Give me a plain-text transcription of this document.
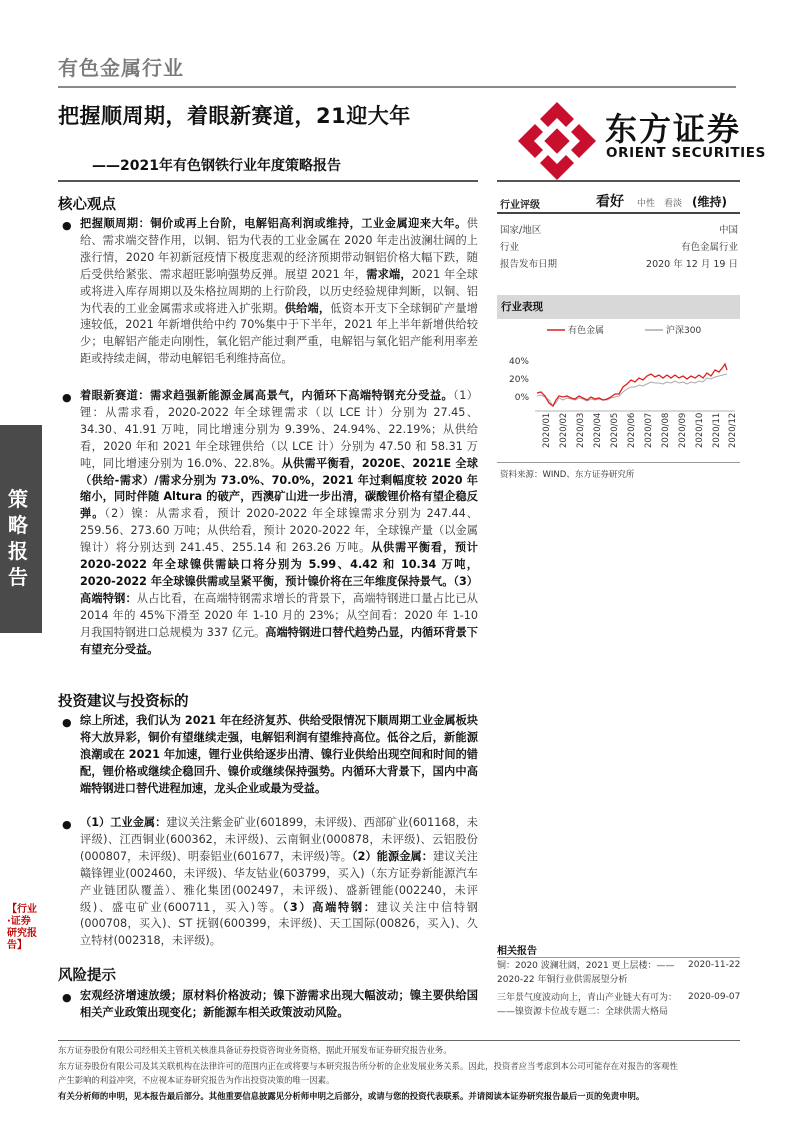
有色金属行业
把握顺周期，着眼新赛道，21迎大年
——2021年有色钢铁行业年度策略报告
东方证券
ORIENT SECURITIES
策略报告
【行业·证券研究报告】
核心观点
● 把握顺周期：铜价或再上台阶，电解铝高利润或维持，工业金属迎来大年。供给、需求端交替作用，以铜、铝为代表的工业金属在 2020 年走出波澜壮阔的上涨行情，2020 年初新冠疫情下极度悲观的经济预期带动铜铝价格大幅下跌，随后受供给紧张、需求超旺影响强势反弹。展望 2021 年，需求端，2021 年全球或将进入库存周期以及朱格拉周期的上行阶段，以历史经验规律判断，以铜、铝为代表的工业金属需求或将进入扩张期。供给端，低资本开支下全球铜矿产量增速较低，2021 年新增供给中约 70%集中于下半年，2021 年上半年新增供给较少；电解铝产能走向刚性，氧化铝产能过剩严重，电解铝与氧化铝产能利用率差距或持续走阔，带动电解铝毛利维持高位。
● 着眼新赛道：需求趋强新能源金属高景气，内循环下高端特钢充分受益。（1）锂：从需求看，2020-2022 年全球锂需求（以 LCE 计）分别为 27.45、34.30、41.91 万吨，同比增速分别为 9.39%、24.94%、22.19%；从供给看，2020 年和 2021 年全球锂供给（以 LCE 计）分别为 47.50 和 58.31 万吨，同比增速分别为 16.0%、22.8%。从供需平衡看，2020E、2021E 全球（供给-需求）/需求分别为 73.0%、70.0%，2021 年过剩幅度较 2020 年缩小，同时伴随 Altura 的破产，西澳矿山进一步出清，碳酸锂价格有望企稳反弹。（2）镍：从需求看，预计 2020-2022 年全球镍需求分别为 247.44、259.56、273.60 万吨；从供给看，预计 2020-2022 年，全球镍产量（以金属镍计）将分别达到 241.45、255.14 和 263.26 万吨。从供需平衡看，预计 2020-2022 年全球镍供需缺口将分别为 5.99、4.42 和 10.34 万吨，2020-2022 年全球镍供需或呈紧平衡，预计镍价将在三年维度保持景气。（3）高端特钢：从占比看，在高端特钢需求增长的背景下，高端特钢进口量占比已从 2014 年的 45%下滑至 2020 年 1-10 月的 23%；从空间看：2020 年 1-10 月我国特钢进口总规模为 337 亿元。高端特钢进口替代趋势凸显，内循环背景下有望充分受益。
投资建议与投资标的
● 综上所述，我们认为 2021 年在经济复苏、供给受限情况下顺周期工业金属板块将大放异彩，铜价有望继续走强，电解铝利润有望维持高位。低谷之后，新能源浪潮或在 2021 年加速，锂行业供给逐步出清、镍行业供给出现空间和时间的错配，锂价格或继续企稳回升、镍价或继续保持强势。内循环大背景下，国内中高端特钢进口替代进程加速，龙头企业或最为受益。
● （1）工业金属：建议关注紫金矿业(601899，未评级)、西部矿业(601168，未评级)、江西铜业(600362，未评级)、云南铜业(000878，未评级)、云铝股份(000807，未评级)、明泰铝业(601677，未评级)等。（2）能源金属：建议关注赣锋锂业(002460，未评级)、华友钴业(603799，买入)（东方证券新能源汽车产业链团队覆盖）、雅化集团(002497，未评级)、盛新锂能(002240，未评级)、盛屯矿业(600711，买入)等。（3）高端特钢：建议关注中信特钢(000708，买入)、ST 抚钢(600399，未评级)、天工国际(00826，买入)、久立特材(002318，未评级)。
风险提示
● 宏观经济增速放缓；原材料价格波动；镍下游需求出现大幅波动；镍主要供给国相关产业政策出现变化；新能源车相关政策波动风险。
行业评级	看好 中性 看淡 (维持)
国家/地区	中国
行业	有色金属行业
报告发布日期	2020 年 12 月 19 日
行业表现
有色金属	沪深300
40%
20%
0%
2020/01 2020/02 2020/03 2020/04 2020/05 2020/06 2020/07 2020/08 2020/09 2020/10 2020/11 2020/12
资料来源：WIND、东方证券研究所
相关报告
铜：2020 波澜壮阔，2021 更上层楼：——2020-22 年铜行业供需展望分析
2020-11-22
三年景气度波动向上，青山产业链大有可为：——镍资源卡位战专题二：全球供需大格局
2020-09-07
东方证券股份有限公司经相关主管机关核准具备证券投资咨询业务资格，据此开展发布证券研究报告业务。
东方证券股份有限公司及其关联机构在法律许可的范围内正在或将要与本研究报告所分析的企业发展业务关系。因此，投资者应当考虑到本公司可能存在对报告的客观性
产生影响的利益冲突，不应视本证券研究报告为作出投资决策的唯一因素。
有关分析师的申明，见本报告最后部分。其他重要信息披露见分析师申明之后部分，或请与您的投资代表联系。并请阅读本证券研究报告最后一页的免责申明。
